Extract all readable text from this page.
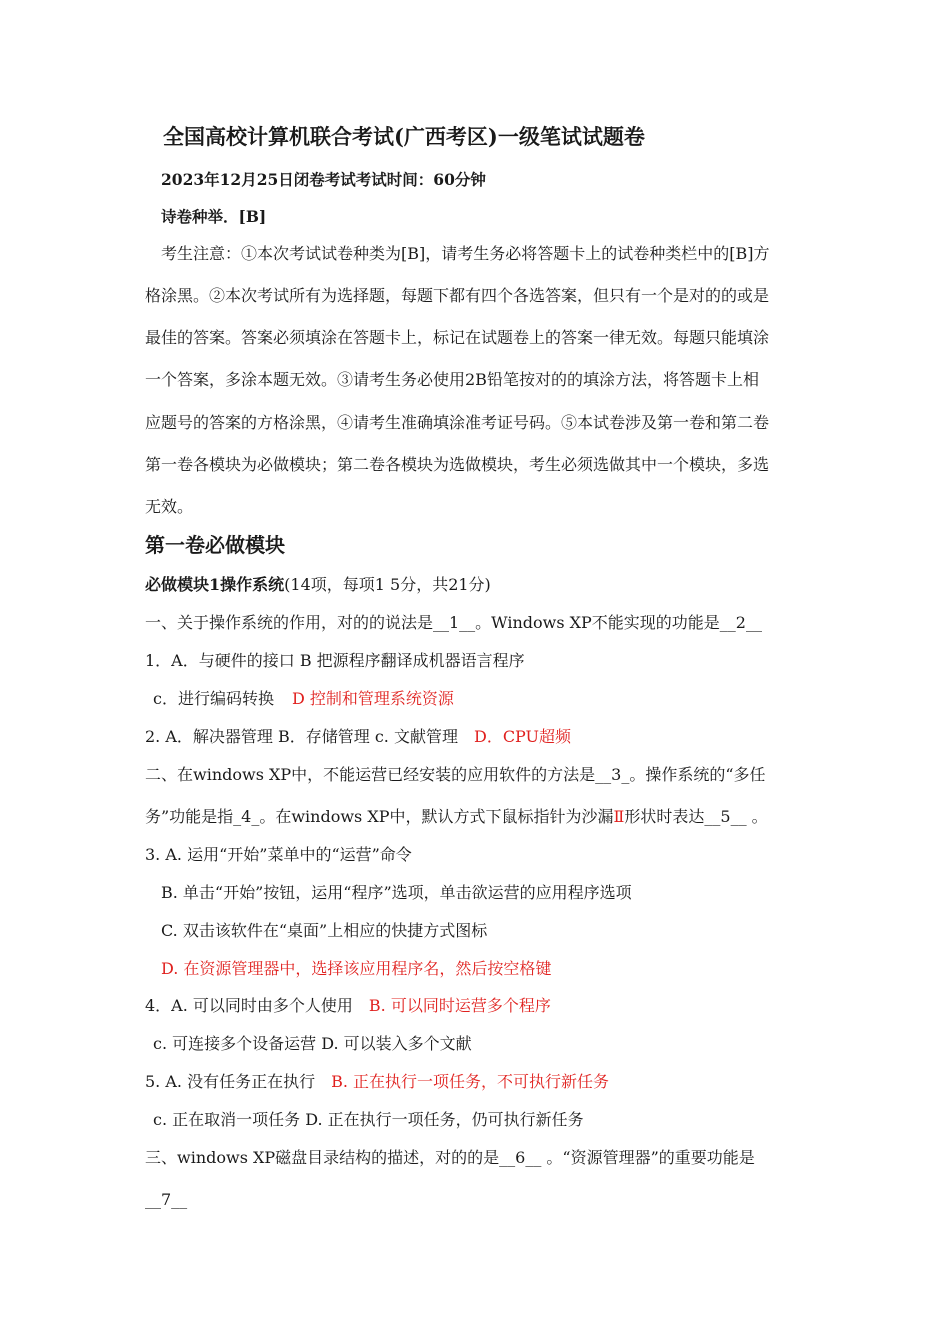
全国高校计算机联合考试(广西考区)一级笔试试题卷
2023年12月25日闭卷考试考试时间：60分钟
诗卷种举．[B]
考生注意：①本次考试试卷种类为[B]，请考生务必将答题卡上的试卷种类栏中的[B]方
格涂黑。②本次考试所有为选择题，每题下都有四个各选答案，但只有一个是对的的或是
最佳的答案。答案必须填涂在答题卡上，标记在试题卷上的答案一律无效。每题只能填涂
一个答案，多涂本题无效。③请考生务必使用2B铅笔按对的的填涂方法，将答题卡上相
应题号的答案的方格涂黑，④请考生准确填涂准考证号码。⑤本试卷涉及第一卷和第二卷
第一卷各模块为必做模块；第二卷各模块为选做模块，考生必须选做其中一个模块，多选
无效。
第一卷必做模块
必做模块1操作系统(14项，每项1 5分，共21分)
一、关于操作系统的作用，对的的说法是__1__。Windows XP不能实现的功能是__2__
1．A．与硬件的接口 B 把源程序翻译成机器语言程序
c．进行编码转换 D 控制和管理系统资源
2. A．解决器管理 B．存储管理 c. 文献管理 D．CPU超频
二、在windows XP中，不能运营已经安装的应用软件的方法是__3_。操作系统的“多任
务”功能是指_4_。在windows XP中，默认方式下鼠标指针为沙漏Ⅱ形状时表达__5__ 。
3. A. 运用“开始”菜单中的“运营”命令
B. 单击“开始”按钮，运用“程序”选项，单击欲运营的应用程序选项
C. 双击该软件在“桌面”上相应的快捷方式图标
D. 在资源管理器中，选择该应用程序名，然后按空格键
4．A. 可以同时由多个人使用 B. 可以同时运营多个程序
c. 可连接多个设备运营 D. 可以装入多个文献
5. A. 没有任务正在执行 B. 正在执行一项任务，不可执行新任务
c. 正在取消一项任务 D. 正在执行一项任务，仍可执行新任务
三、windows XP磁盘目录结构的描述，对的的是__6__ 。“资源管理器”的重要功能是
__7__
